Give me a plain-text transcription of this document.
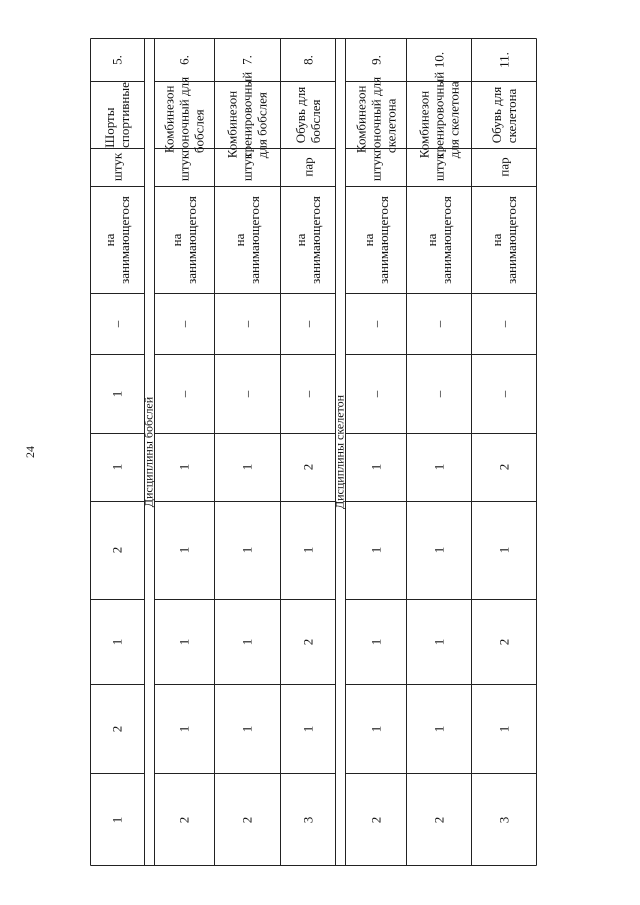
24
5.
Шорты спортивные
штук
на занимающегося
–
1
1
2
1
2
1
Дисциплины бобслей
6.
Комбинезон гоночный для бобслея
штук
на занимающегося
–
–
1
1
1
1
2
7.
Комбинезон тренировочный для бобслея
штук
на занимающегося
–
–
1
1
1
1
2
8.
Обувь для бобслея
пар
на занимающегося
–
–
2
1
2
1
3
Дисциплины скелетон
9.
Комбинезон гоночный для скелетона
штук
на занимающегося
–
–
1
1
1
1
2
10.
Комбинезон тренировочный для скелетона
штук
на занимающегося
–
–
1
1
1
1
2
11.
Обувь для скелетона
пар
на занимающегося
–
–
2
1
2
1
3
